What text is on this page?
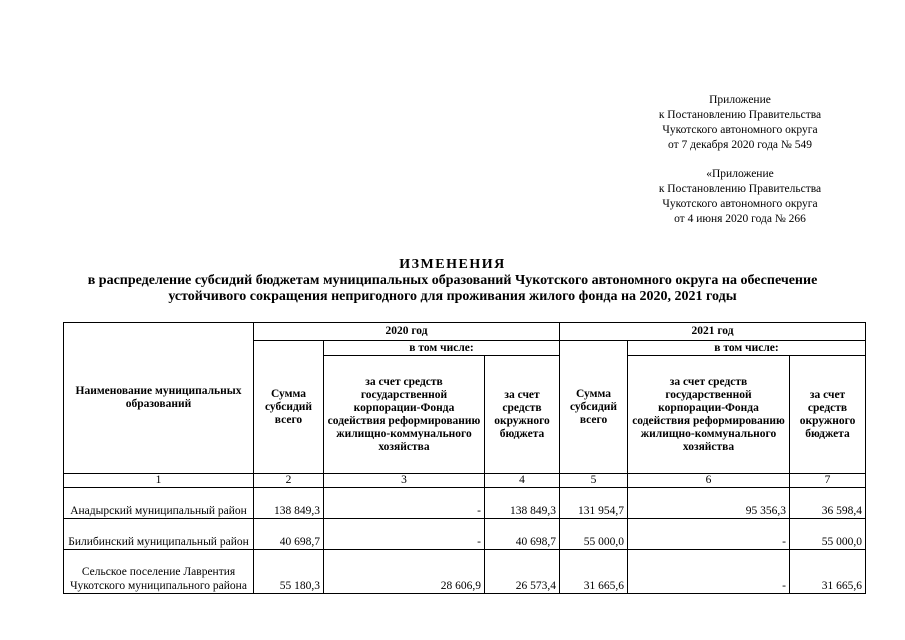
Приложение
к Постановлению Правительства
Чукотского автономного округа
от 7 декабря 2020 года № 549
«Приложение
к Постановлению Правительства
Чукотского автономного округа
от 4 июня 2020 года № 266
ИЗМЕНЕНИЯ
в распределение субсидий бюджетам муниципальных образований Чукотского автономного округа на обеспечение
устойчивого сокращения непригодного для проживания жилого фонда на 2020, 2021 годы
Наименование муниципальных образований	2020 год			2021 год		
	Сумма субсидий всего	в том числе:		Сумма субсидий всего	в том числе:	
		за счет средств государственной корпорации-Фонда содействия реформированию жилищно-коммунального хозяйства	за счет средств окружного бюджета		за счет средств государственной корпорации-Фонда содействия реформированию жилищно-коммунального хозяйства	за счет средств окружного бюджета
1	2	3	4	5	6	7
Анадырский муниципальный район	138 849,3	-	138 849,3	131 954,7	95 356,3	36 598,4
Билибинский муниципальный район	40 698,7	-	40 698,7	55 000,0	-	55 000,0
Сельское поселение Лаврентия Чукотского муниципального района	55 180,3	28 606,9	26 573,4	31 665,6	-	31 665,6
